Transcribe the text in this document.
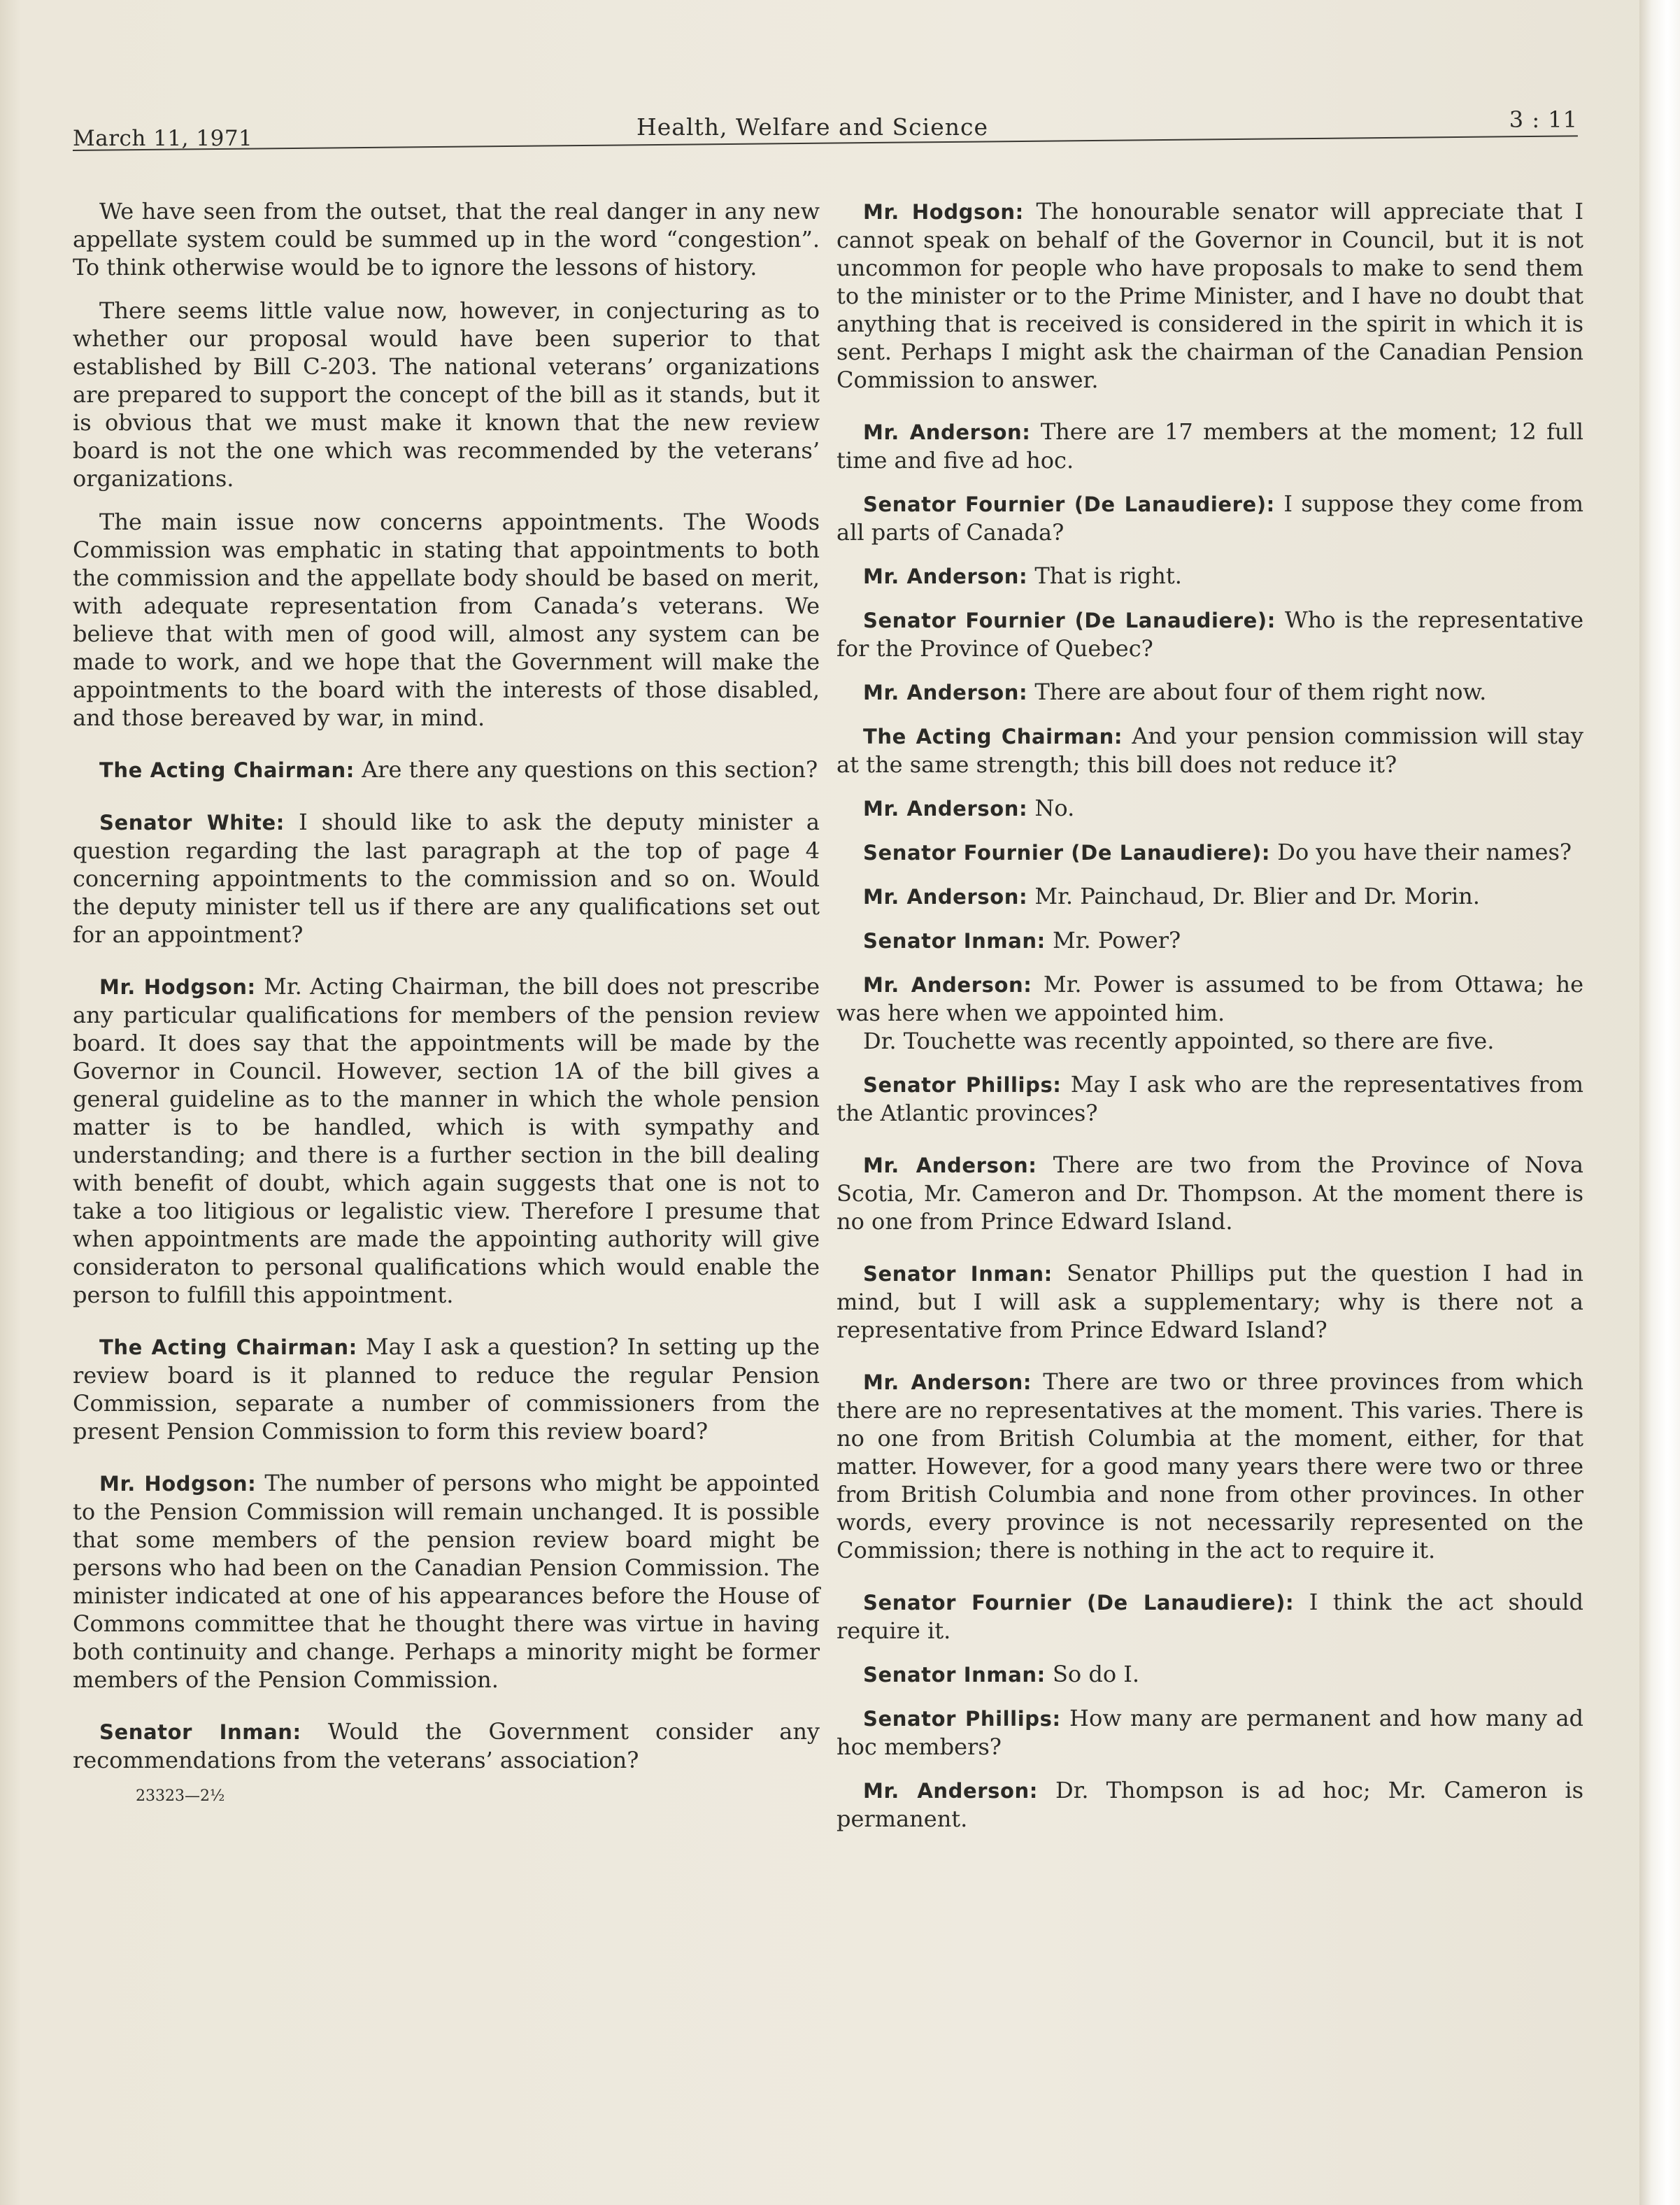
March 11, 1971	Health, Welfare and Science	3 : 11

We have seen from the outset, that the real danger in any new appellate system could be summed up in the word “congestion”. To think otherwise would be to ignore the lessons of history.

There seems little value now, however, in conjecturing as to whether our proposal would have been superior to that established by Bill C-203. The national veterans’ organizations are prepared to support the concept of the bill as it stands, but it is obvious that we must make it known that the new review board is not the one which was recommended by the veterans’ organizations.

The main issue now concerns appointments. The Woods Commission was emphatic in stating that appointments to both the commission and the appellate body should be based on merit, with adequate representation from Canada’s veterans. We believe that with men of good will, almost any system can be made to work, and we hope that the Government will make the appointments to the board with the interests of those disabled, and those bereaved by war, in mind.

The Acting Chairman: Are there any questions on this section?

Senator White: I should like to ask the deputy minister a question regarding the last paragraph at the top of page 4 concerning appointments to the commission and so on. Would the deputy minister tell us if there are any qualifications set out for an appointment?

Mr. Hodgson: Mr. Acting Chairman, the bill does not prescribe any particular qualifications for members of the pension review board. It does say that the appointments will be made by the Governor in Council. However, section 1A of the bill gives a general guideline as to the manner in which the whole pension matter is to be handled, which is with sympathy and understanding; and there is a further section in the bill dealing with benefit of doubt, which again suggests that one is not to take a too litigious or legalistic view. Therefore I presume that when appointments are made the appointing authority will give consideraton to personal qualifications which would enable the person to fulfill this appointment.

The Acting Chairman: May I ask a question? In setting up the review board is it planned to reduce the regular Pension Commission, separate a number of commissioners from the present Pension Commission to form this review board?

Mr. Hodgson: The number of persons who might be appointed to the Pension Commission will remain unchanged. It is possible that some members of the pension review board might be persons who had been on the Canadian Pension Commission. The minister indicated at one of his appearances before the House of Commons committee that he thought there was virtue in having both continuity and change. Perhaps a minority might be former members of the Pension Commission.

Senator Inman: Would the Government consider any recommendations from the veterans’ association?

23323—2½

Mr. Hodgson: The honourable senator will appreciate that I cannot speak on behalf of the Governor in Council, but it is not uncommon for people who have proposals to make to send them to the minister or to the Prime Minister, and I have no doubt that anything that is received is considered in the spirit in which it is sent. Perhaps I might ask the chairman of the Canadian Pension Commission to answer.

Mr. Anderson: There are 17 members at the moment; 12 full time and five ad hoc.

Senator Fournier (De Lanaudiere): I suppose they come from all parts of Canada?

Mr. Anderson: That is right.

Senator Fournier (De Lanaudiere): Who is the representative for the Province of Quebec?

Mr. Anderson: There are about four of them right now.

The Acting Chairman: And your pension commission will stay at the same strength; this bill does not reduce it?

Mr. Anderson: No.

Senator Fournier (De Lanaudiere): Do you have their names?

Mr. Anderson: Mr. Painchaud, Dr. Blier and Dr. Morin.

Senator Inman: Mr. Power?

Mr. Anderson: Mr. Power is assumed to be from Ottawa; he was here when we appointed him.

Dr. Touchette was recently appointed, so there are five.

Senator Phillips: May I ask who are the representatives from the Atlantic provinces?

Mr. Anderson: There are two from the Province of Nova Scotia, Mr. Cameron and Dr. Thompson. At the moment there is no one from Prince Edward Island.

Senator Inman: Senator Phillips put the question I had in mind, but I will ask a supplementary; why is there not a representative from Prince Edward Island?

Mr. Anderson: There are two or three provinces from which there are no representatives at the moment. This varies. There is no one from British Columbia at the moment, either, for that matter. However, for a good many years there were two or three from British Columbia and none from other provinces. In other words, every province is not necessarily represented on the Commission; there is nothing in the act to require it.

Senator Fournier (De Lanaudiere): I think the act should require it.

Senator Inman: So do I.

Senator Phillips: How many are permanent and how many ad hoc members?

Mr. Anderson: Dr. Thompson is ad hoc; Mr. Cameron is permanent.
